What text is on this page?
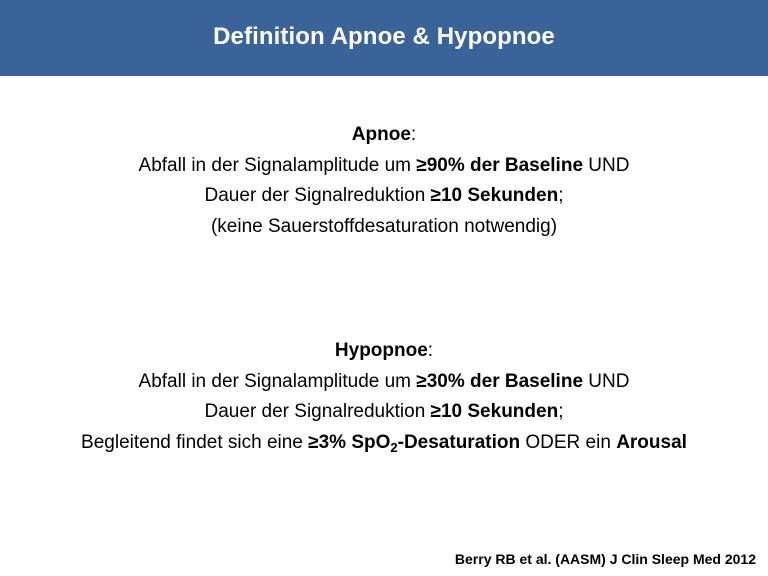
Definition Apnoe & Hypopnoe
Apnoe:
Abfall in der Signalamplitude um ≥90% der Baseline UND
Dauer der Signalreduktion ≥10 Sekunden;
(keine Sauerstoffdesaturation notwendig)
Hypopnoe:
Abfall in der Signalamplitude um ≥30% der Baseline UND
Dauer der Signalreduktion ≥10 Sekunden;
Begleitend findet sich eine ≥3% SpO$_2$-Desaturation ODER ein Arousal
Berry RB et al. (AASM) J Clin Sleep Med 2012
